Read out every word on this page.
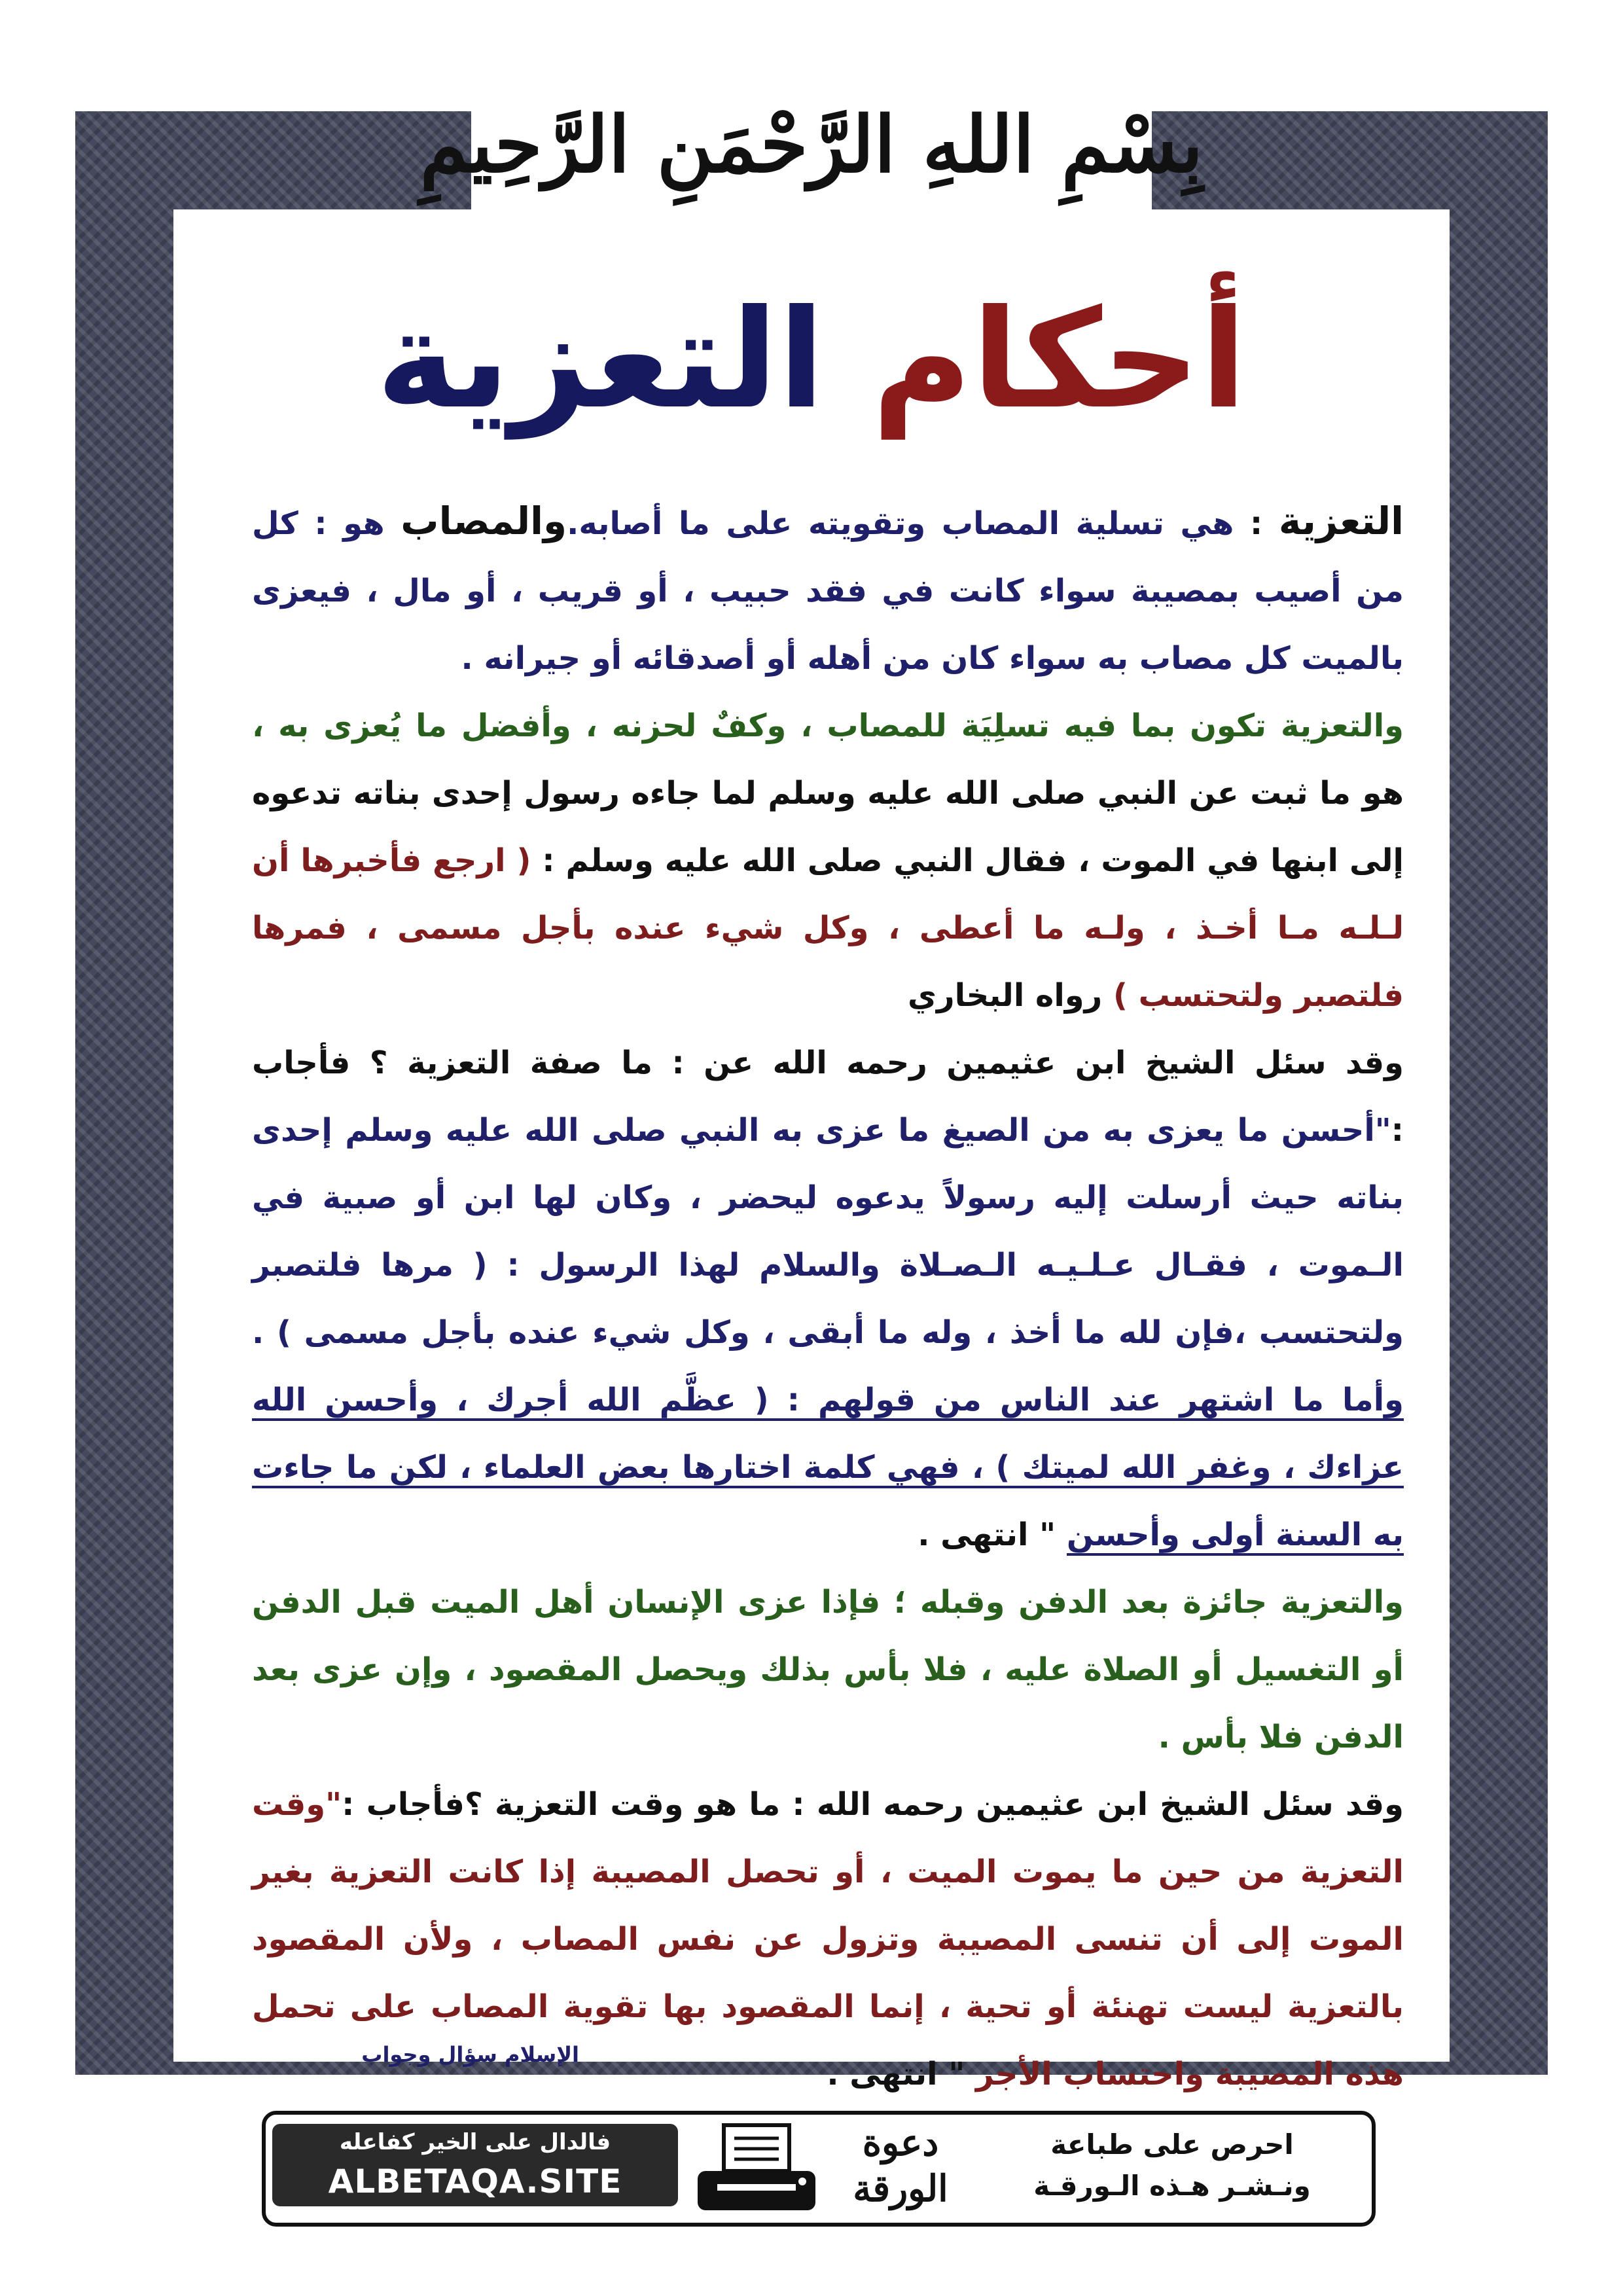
بِسْمِ اللهِ الرَّحْمَنِ الرَّحِيمِ
أحكام التعزية

التعزية : هي تسلية المصاب وتقويته على ما أصابه.والمصاب هو : كل من أصيب بمصيبة سواء كانت في فقد حبيب ، أو قريب ، أو مال ، فيعزى بالميت كل مصاب به سواء كان من أهله أو أصدقائه أو جيرانه .

والتعزية تكون بما فيه تسلِيَة للمصاب ، وكفٌ لحزنه ، وأفضل ما يُعزى به ، هو ما ثبت عن النبي صلى الله عليه وسلم لما جاءه رسول إحدى بناته تدعوه إلى ابنها في الموت ، فقال النبي صلى الله عليه وسلم : ( ارجع فأخبرها أن لـلـه مـا أخـذ ، ولـه ما أعطى ، وكل شيء عنده بأجل مسمى ، فمرها فلتصبر ولتحتسب ) رواه البخاري

وقد سئل الشيخ ابن عثيمين رحمه الله عن : ما صفة التعزية ؟ فأجاب :"أحسن ما يعزى به من الصيغ ما عزى به النبي صلى الله عليه وسلم إحدى بناته حيث أرسلت إليه رسولاً يدعوه ليحضر ، وكان لها ابن أو صبية في الـموت ، فقـال عـلـيـه الـصـلاة والسلام لهذا الرسول : ( مرها فلتصبر ولتحتسب ،فإن لله ما أخذ ، وله ما أبقى ، وكل شيء عنده بأجل مسمى ) . وأما ما اشتهر عند الناس من قولهم : ( عظَّم الله أجرك ، وأحسن الله عزاءك ، وغفر الله لميتك ) ، فهي كلمة اختارها بعض العلماء ، لكن ما جاءت به السنة أولى وأحسن " انتهى .

والتعزية جائزة بعد الدفن وقبله ؛ فإذا عزى الإنسان أهل الميت قبل الدفن أو التغسيل أو الصلاة عليه ، فلا بأس بذلك ويحصل المقصود ، وإن عزى بعد الدفن فلا بأس .

وقد سئل الشيخ ابن عثيمين رحمه الله : ما هو وقت التعزية ؟فأجاب :"وقت التعزية من حين ما يموت الميت ، أو تحصل المصيبة إذا كانت التعزية بغير الموت إلى أن تنسى المصيبة وتزول عن نفس المصاب ، ولأن المقصود بالتعزية ليست تهنئة أو تحية ، إنما المقصود بها تقوية المصاب على تحمل هذه المصيبة واحتساب الأجر " انتهى .

الإسلام سؤال وجواب
فالدال على الخير كفاعله
ALBETAQA.SITE
دعوة
الورقة
احرص على طباعة
ونـشـر هـذه الـورقـة
